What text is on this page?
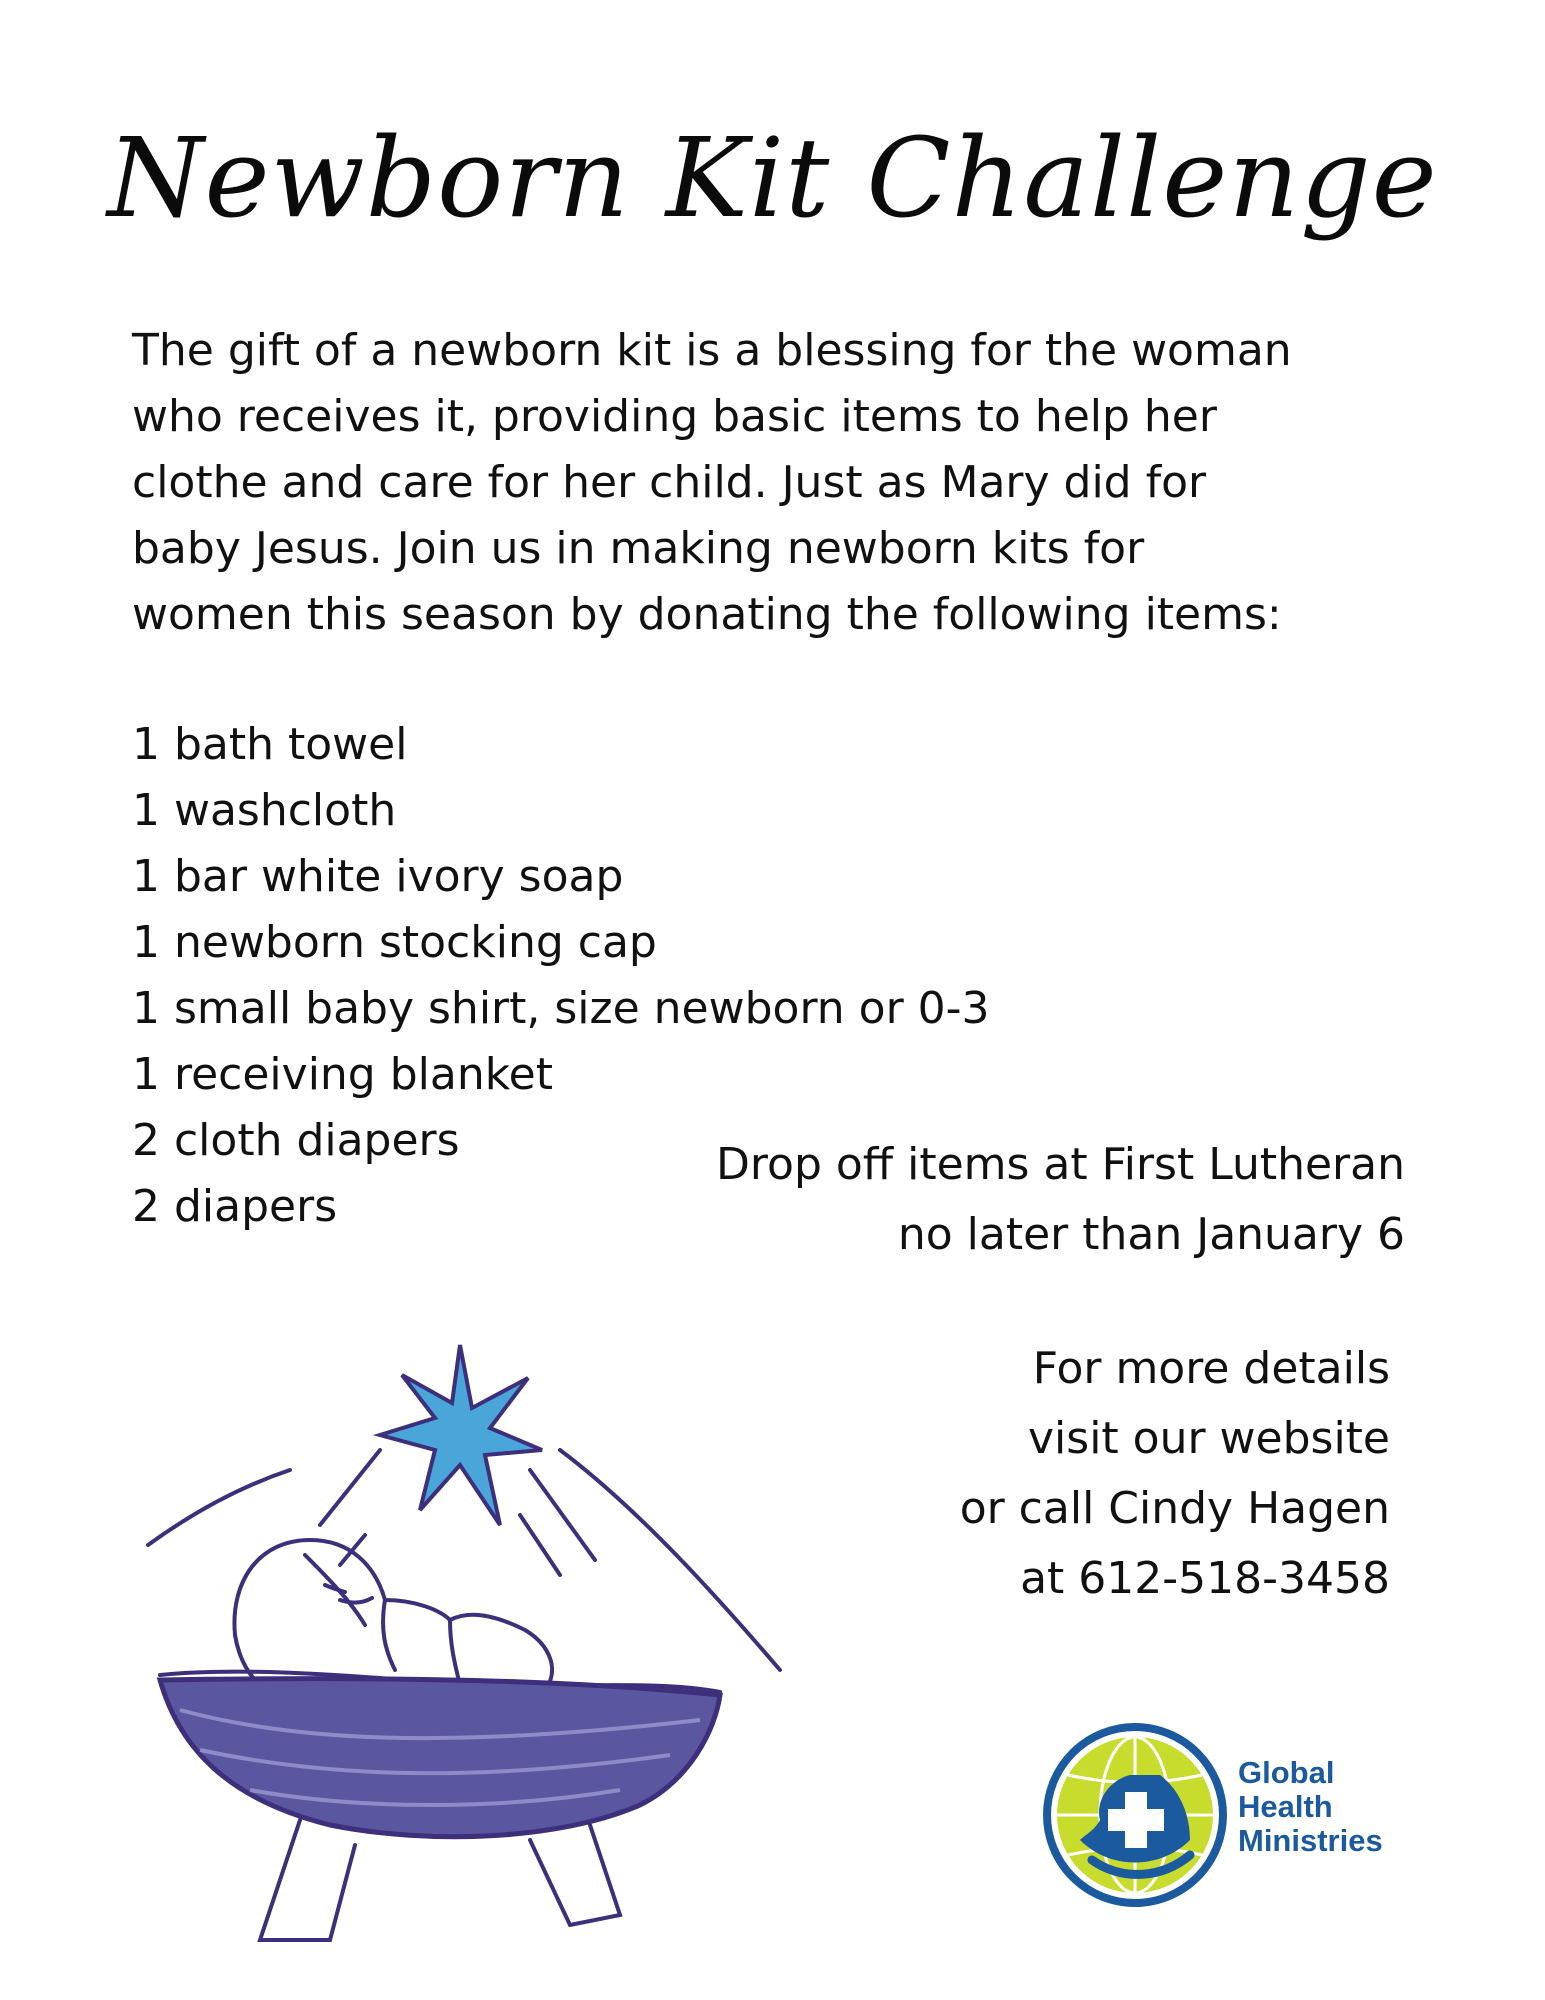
Newborn Kit Challenge
The gift of a newborn kit is a blessing for the woman
who receives it, providing basic items to help her
clothe and care for her child. Just as Mary did for
baby Jesus. Join us in making newborn kits for
women this season by donating the following items:
1 bath towel
1 washcloth
1 bar white ivory soap
1 newborn stocking cap
1 small baby shirt, size newborn or 0-3
1 receiving blanket
2 cloth diapers
2 diapers
Drop off items at First Lutheran
no later than January 6
For more details
visit our website
or call Cindy Hagen
at 612-518-3458
Global
Health
Ministries
